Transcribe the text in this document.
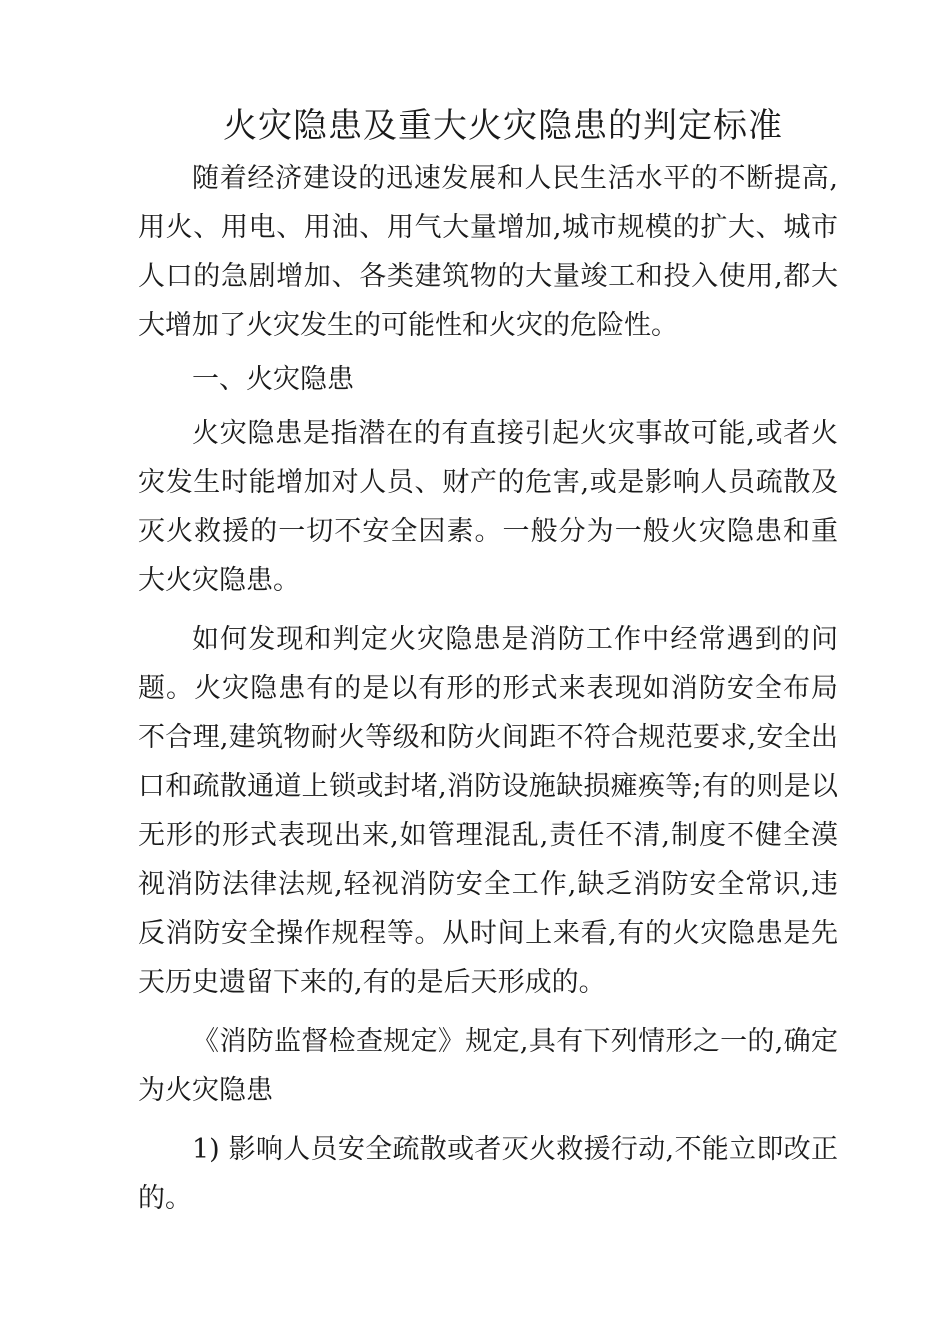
火灾隐患及重大火灾隐患的判定标准

随着经济建设的迅速发展和人民生活水平的不断提高,用火、用电、用油、用气大量增加,城市规模的扩大、城市人口的急剧增加、各类建筑物的大量竣工和投入使用,都大大增加了火灾发生的可能性和火灾的危险性。

一、火灾隐患

火灾隐患是指潜在的有直接引起火灾事故可能,或者火灾发生时能增加对人员、财产的危害,或是影响人员疏散及灭火救援的一切不安全因素。一般分为一般火灾隐患和重大火灾隐患。

如何发现和判定火灾隐患是消防工作中经常遇到的问题。火灾隐患有的是以有形的形式来表现如消防安全布局不合理,建筑物耐火等级和防火间距不符合规范要求,安全出口和疏散通道上锁或封堵,消防设施缺损瘫痪等;有的则是以无形的形式表现出来,如管理混乱,责任不清,制度不健全漠视消防法律法规,轻视消防安全工作,缺乏消防安全常识,违反消防安全操作规程等。从时间上来看,有的火灾隐患是先天历史遗留下来的,有的是后天形成的。

《消防监督检查规定》规定,具有下列情形之一的,确定为火灾隐患

1) 影响人员安全疏散或者灭火救援行动,不能立即改正的。
